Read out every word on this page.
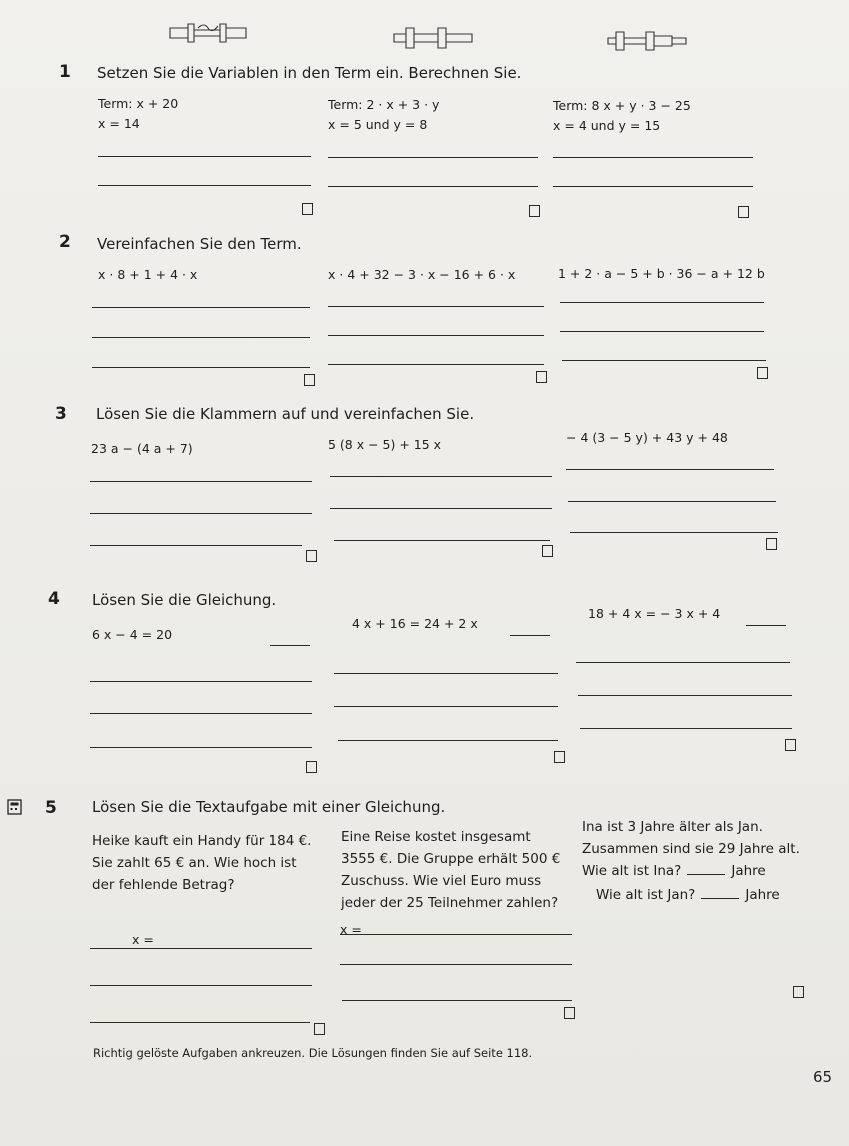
1 Setzen Sie die Variablen in den Term ein. Berechnen Sie.
Term: x + 20
x = 14
Term: 2 · x + 3 · y
x = 5 und y = 8
Term: 8 x + y · 3 − 25
x = 4 und y = 15
2 Vereinfachen Sie den Term.
x · 8 + 1 + 4 · x	x · 4 + 32 − 3 · x − 16 + 6 · x	1 + 2 · a − 5 + b · 36 − a + 12 b
3 Lösen Sie die Klammern auf und vereinfachen Sie.
23 a − (4 a + 7)	5 (8 x − 5) + 15 x	− 4 (3 − 5 y) + 43 y + 48
4 Lösen Sie die Gleichung.
6 x − 4 = 20
4 x + 16 = 24 + 2 x
18 + 4 x = − 3 x + 4
5 Lösen Sie die Textaufgabe mit einer Gleichung.
Heike kauft ein Handy für 184 €. Sie zahlt 65 € an. Wie hoch ist der fehlende Betrag?
Eine Reise kostet insgesamt 3555 €. Die Gruppe erhält 500 € Zuschuss. Wie viel Euro muss jeder der 25 Teilnehmer zahlen?
Ina ist 3 Jahre älter als Jan. Zusammen sind sie 29 Jahre alt. Wie alt ist Ina?	Jahre
Wie alt ist Jan?	Jahre
x =
x =
Richtig gelöste Aufgaben ankreuzen. Die Lösungen finden Sie auf Seite 118.
65
